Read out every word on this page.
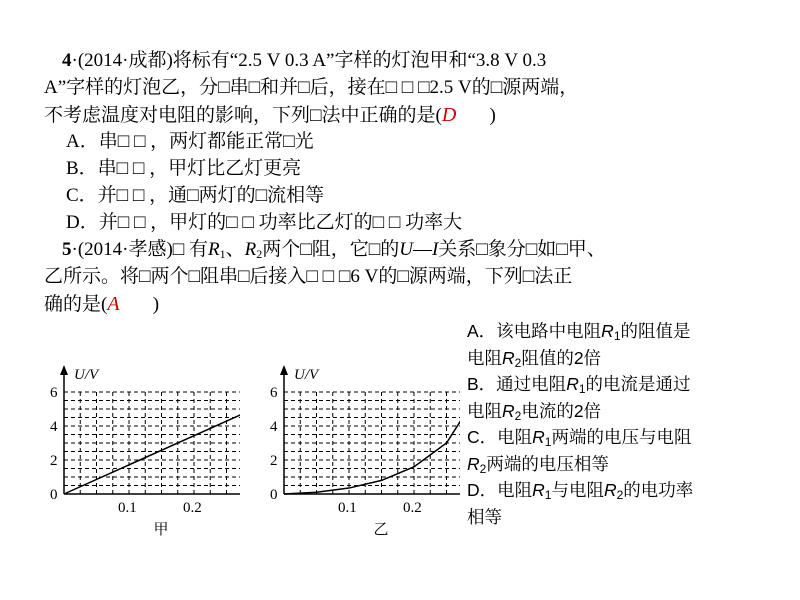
4·(2014·成都)将标有“2.5 V 0.3 A”字样的灯泡甲和“3.8 V 0.3
A”字样的灯泡乙，分□串□和并□后，接在□ □ □2.5 V的□源两端，
不考虑温度对电阻的影响，下列□法中正确的是(D       )
A．串□ □ ，两灯都能正常□光
B．串□ □ ，甲灯比乙灯更亮
C．并□ □ ，通□两灯的□流相等
D．并□ □ ，甲灯的□ □ 功率比乙灯的□ □ 功率大
5·(2014·孝感)□ 有$R_1$、$R_2$两个□阻，它□的U—I关系□象分□如□甲、
乙所示。将□两个□阻串□后接入□ □ □6 V的□源两端，下列□法正
确的是(A       )
A．该电路中电阻$R_1$的阻值是
电阻$R_2$阻值的2倍
B．通过电阻$R_1$的电流是通过
电阻$R_2$电流的2倍
C．电阻$R_1$两端的电压与电阻
$R_2$两端的电压相等
D．电阻$R_1$与电阻$R_2$的电功率
相等
0
2
4
6
0.1	0.2
U/V
甲
0
2
4
6
0.1	0.2
U/V
乙
